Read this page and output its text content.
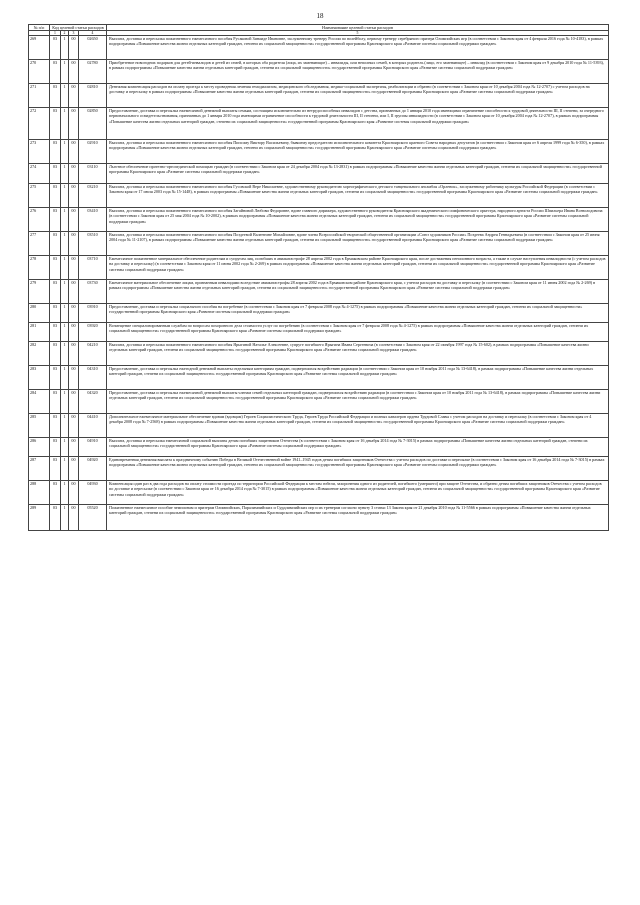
18
№ п/п	Код целевой статьи расходов				Наименование целевой статьи расходов

	1	2	3	4	5
269	03	1	00	02650	Выплата, доставка и пересылка пожизненного ежемесячного пособия Русаковой Зинаиде Ивановне, заслуженному тренеру России по волейболу, первому тренеру серебряного призера Олимпийских игр (в соответствии с Законом края от 4 февраля 2016 года № 10-4183), в рамках подпрограммы «Повышение качества жизни отдельных категорий граждан, степени их социальной защищенности» государственной программы Красноярского края «Развитие системы социальной поддержки граждан»
270	03	1	00	02780	Приобретение новогодних подарков для детей-инвалидов и детей из семей, в которых оба родителя (лица, их заменяющие) – инвалиды, или неполных семей, в которых родитель (лицо, его заменяющее) – инвалид (в соответствии с Законом края от 9 декабря 2010 года № 11-5393), в рамках подпрограммы «Повышение качества жизни отдельных категорий граждан, степени их социальной защищенности» государственной программы Красноярского края «Развитие системы социальной поддержки граждан»
271	03	1	00	02810	Денежная компенсация расходов на оплату проезда к месту проведения лечения гемодиализом, медицинского обследования, медико-социальной экспертизы, реабилитации и обратно (в соответствии с Законом края от 10 декабря 2004 года № 12-2707) с учетом расходов на доставку и пересылку в рамках подпрограммы «Повышение качества жизни отдельных категорий граждан, степени их социальной защищенности» государственной программы Красноярского края «Развитие системы социальной поддержки граждан»
272	03	1	00	02850	Предоставление, доставка и пересылка ежемесячной денежной выплаты семьям, состоящим исключительно из нетрудоспособных инвалидов с детства, признанных до 1 января 2010 года имеющими ограничение способности к трудовой деятельности III, II степени, за очередного первоначального освидетельствования, признанных до 1 января 2010 года имеющими ограничение способности к трудовой деятельности III, II степени, или I, II группы инвалидности (в соответствии с Законом края от 10 декабря 2004 года № 12-2707), в рамках подпрограммы «Повышение качества жизни отдельных категорий граждан, степени их социальной защищенности» государственной программы Красноярского края «Развитие системы социальной поддержки граждан»
273	03	1	00	02910	Выплата, доставка и пересылка пожизненного ежемесячного пособия Пипсому Виктору Васильевичу, бывшему председателю исполнительного комитета Красноярского краевого Совета народных депутатов (в соответствии с Законом края от 6 апреля 1999 года № 6-350), в рамках подпрограммы «Повышение качества жизни отдельных категорий граждан, степени их социальной защищенности» государственной программы Красноярского края «Развитие системы социальной поддержки граждан»
274	03	1	00	03110	Льготное обеспечение протезно-ортопедической помощью граждан (в соответствии с Законом края от 24 декабря 2004 года № 13-2831) в рамках подпрограммы «Повышение качества жизни отдельных категорий граждан, степени их социальной защищенности» государственной программы Красноярского края «Развитие системы социальной поддержки граждан»
275	03	1	00	03210	Выплата, доставка и пересылка пожизненного ежемесячного пособия Гусовской Вере Николаевне, художественному руководителю хореографического детского танцевального ансамбля «Орленок», заслуженному работнику культуры Российской Федерации (в соответствии с Законом края от 17 июля 2003 года № 15-1448), в рамках подпрограммы «Повышение качества жизни отдельных категорий граждан, степени их социальной защищенности» государственной программы Красноярского края «Развитие системы социальной поддержки граждан»
276	03	1	00	03410	Выплата, доставка и пересылка пожизненного ежемесячного пособия Загайновой Любови Федоровне, вдове главного дирижера, художественного руководителя Красноярского академического симфонического оркестра, народного артиста России Шпильера Ивана Всеволодовича (в соответствии с Законом края от 25 мая 2004 года № 10-2002), в рамках подпрограммы «Повышение качества жизни отдельных категорий граждан, степени их социальной защищенности» государственной программы Красноярского края «Развитие системы социальной поддержки граждан»
277	03	1	00	03510	Выплата, доставка и пересылка пожизненного ежемесячного пособия Поздеевой Валентине Михайловне, вдове члена Всероссийской творческой общественной организации «Союз художников России» Поздеева Андрея Геннадьевича (в соответствии с Законом края от 25 июня 2004 года № 11-2107), в рамках подпрограммы «Повышение качества жизни отдельных категорий граждан, степени их социальной защищенности» государственной программы Красноярского края «Развитие системы социальной поддержки граждан»
278	03	1	00	03710	Ежемесячное пожизненное материальное обеспечение родителям и супругам лиц, погибших в авиакатастрофе 28 апреля 2002 года в Ермаковском районе Красноярского края, после достижения пенсионного возраста, а также в случае наступления инвалидности (с учетом расходов на доставку и пересылку) (в соответствии с Законом края от 11 июня 2002 года № 2-269) в рамках подпрограммы «Повышение качества жизни отдельных категорий граждан, степени их социальной защищенности» государственной программы Красноярского края «Развитие системы социальной поддержки граждан»
279	03	1	00	03730	Ежемесячное материальное обеспечение лицам, признанным инвалидами вследствие авиакатастрофы 28 апреля 2002 года в Ермаковском районе Красноярского края, с учетом расходов на доставку и пересылку (в соответствии с Законом края от 11 июня 2002 года № 2-269) в рамках подпрограммы «Повышение качества жизни отдельных категорий граждан, степени их социальной защищенности» государственной программы Красноярского края «Развитие системы социальной поддержки граждан»
280	03	1	00	03910	Предоставление, доставка и пересылка социального пособия на погребение (в соответствии с Законом края от 7 февраля 2008 года № 4-1275) в рамках подпрограммы «Повышение качества жизни отдельных категорий граждан, степени их социальной защищенности» государственной программы Красноярского края «Развитие системы социальной поддержки граждан»
281	03	1	00	03920	Возмещение специализированным службам по вопросам похоронного дела стоимости услуг по погребению (в соответствии с Законом края от 7 февраля 2008 года № 4-1275) в рамках подпрограммы «Повышение качества жизни отдельных категорий граждан, степени их социальной защищенности» государственной программы Красноярского края «Развитие системы социальной поддержки граждан»
282	03	1	00	04210	Выплата, доставка и пересылка пожизненного ежемесячного пособия Ярыгиной Наталье Алексеевне, супруге погибшего Ярыгина Ивана Сергеевича (в соответствии с Законом края от 22 октября 1997 года № 15-602), в рамках подпрограммы «Повышение качества жизни отдельных категорий граждан, степени их социальной защищенности» государственной программы Красноярского края «Развитие системы социальной поддержки граждан»
283	03	1	00	04310	Предоставление, доставка и пересылка ежегодной денежной выплаты отдельным категориям граждан, подвергшихся воздействию радиации (в соответствии с Законом края от 10 ноября 2011 года № 13-6418), в рамках подпрограммы «Повышение качества жизни отдельных категорий граждан, степени их социальной защищенности» государственной программы Красноярского края «Развитие системы социальной поддержки граждан»
284	03	1	00	04320	Предоставление, доставка и пересылка ежемесячной денежной выплаты членам семей отдельных категорий граждан, подвергшихся воздействию радиации (в соответствии с Законом края от 10 ноября 2011 года № 13-6418), в рамках подпрограммы «Повышение качества жизни отдельных категорий граждан, степени их социальной защищенности» государственной программы Красноярского края «Развитие системы социальной поддержки граждан»
285	03	1	00	04410	Дополнительное ежемесячное материальное обеспечение вдовам (вдовцам) Героев Социалистического Труда, Героев Труда Российской Федерации и полных кавалеров ордена Трудовой Славы с учетом расходов на доставку и пересылку (в соответствии с Законом края от 4 декабря 2008 года № 7-2568) в рамках подпрограммы «Повышение качества жизни отдельных категорий граждан, степени их социальной защищенности» государственной программы Красноярского края «Развитие системы социальной поддержки граждан»
286	03	1	00	04910	Выплата, доставка и пересылка ежемесячной социальной выплаты детям погибших защитников Отечества (в соответствии с Законом края от 16 декабря 2014 года № 7-3015) в рамках подпрограммы «Повышение качества жизни отдельных категорий граждан, степени их социальной защищенности» государственной программы Красноярского края «Развитие системы социальной поддержки граждан»
287	03	1	00	04920	Единовременная денежная выплата к праздничному событию Победы в Великой Отечественной войне 1941–1945 годов детям погибших защитников Отечества с учетом расходов по доставке и пересылке (в соответствии с Законом края от 16 декабря 2014 года № 7-3015) в рамках подпрограммы «Повышение качества жизни отдельных категорий граждан, степени их социальной защищенности» государственной программы Красноярского края «Развитие системы социальной поддержки граждан»
288	03	1	00	04930	Компенсация один раз в два года расходов на оплату стоимости проезда по территории Российской Федерации к местам гибели, захоронения одного из родителей, погибшего (умершего) при защите Отечества, и обратно детям погибших защитников Отечества с учетом расходов по доставке и пересылке (в соответствии с Законом края от 16 декабря 2014 года № 7-3015) в рамках подпрограммы «Повышение качества жизни отдельных категорий граждан, степени их социальной защищенности» государственной программы Красноярского края «Развитие системы социальной поддержки граждан»
289	03	1	00	05520	Пожизненное ежемесячное пособие чемпионам и призерам Олимпийских, Паралимпийских и Сурдлимпийских игр и их тренерам согласно пункту 3 статьи 13 Закона края от 21 декабря 2010 года № 11-5566 в рамках подпрограммы «Повышение качества жизни отдельных категорий граждан, степени их социальной защищенности» государственной программы Красноярского края «Развитие системы социальной поддержки граждан»
